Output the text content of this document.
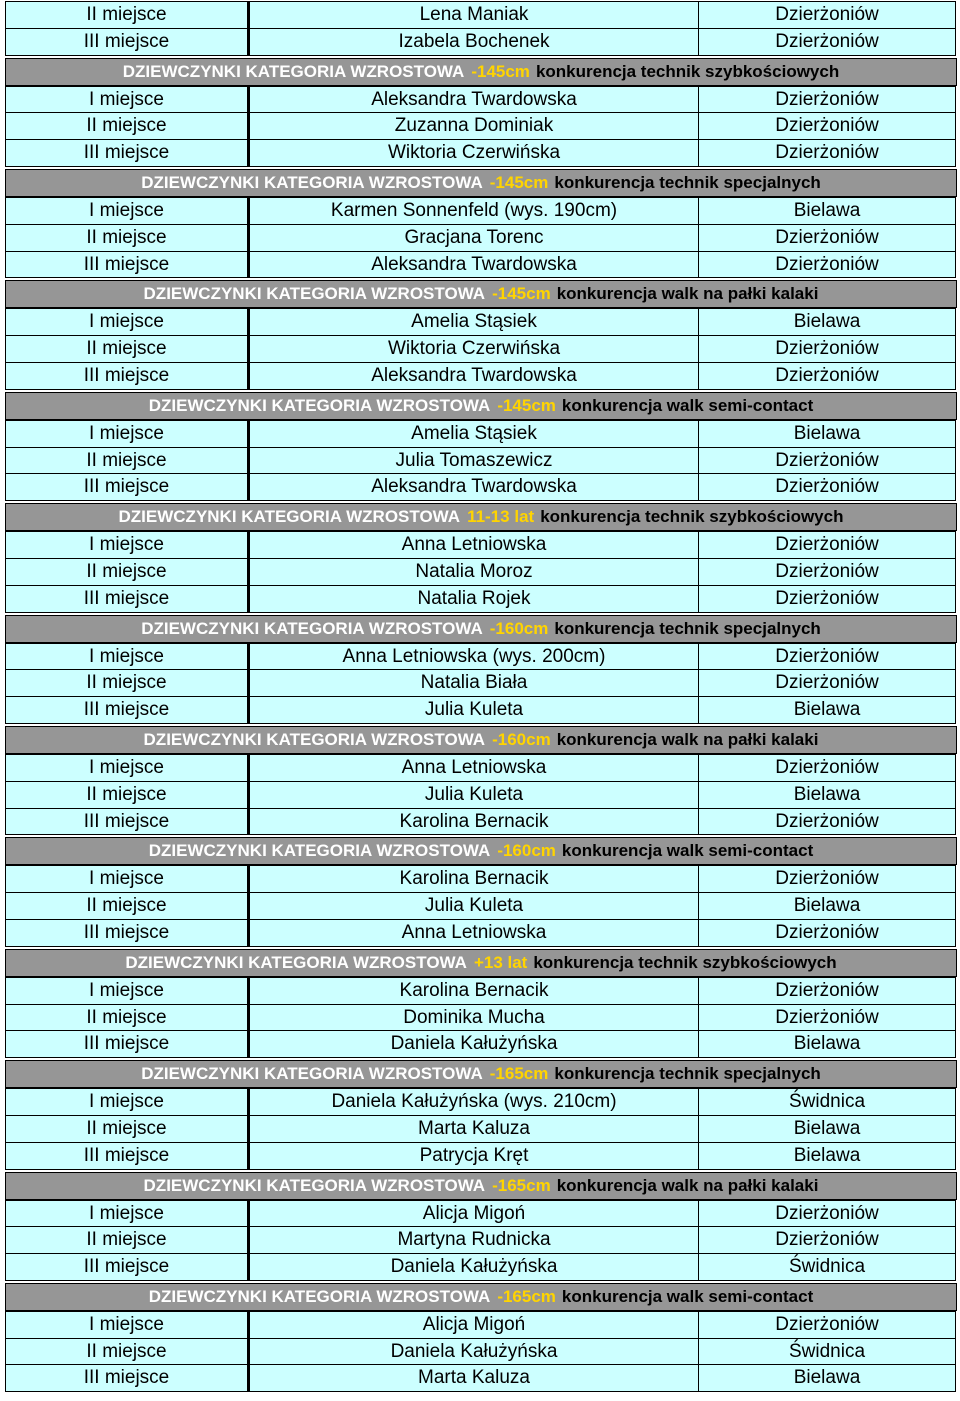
II miejsce	Lena Maniak	Dzierżoniów
III miejsce	Izabela Bochenek	Dzierżoniów
DZIEWCZYNKI KATEGORIA WZROSTOWA -145cm konkurencja technik szybkościowych
I miejsce	Aleksandra Twardowska	Dzierżoniów
II miejsce	Zuzanna Dominiak	Dzierżoniów
III miejsce	Wiktoria Czerwińska	Dzierżoniów
DZIEWCZYNKI KATEGORIA WZROSTOWA -145cm konkurencja technik specjalnych
I miejsce	Karmen Sonnenfeld (wys. 190cm)	Bielawa
II miejsce	Gracjana Torenc	Dzierżoniów
III miejsce	Aleksandra Twardowska	Dzierżoniów
DZIEWCZYNKI KATEGORIA WZROSTOWA -145cm konkurencja walk na pałki kalaki
I miejsce	Amelia Stąsiek	Bielawa
II miejsce	Wiktoria Czerwińska	Dzierżoniów
III miejsce	Aleksandra Twardowska	Dzierżoniów
DZIEWCZYNKI KATEGORIA WZROSTOWA -145cm konkurencja walk semi-contact
I miejsce	Amelia Stąsiek	Bielawa
II miejsce	Julia Tomaszewicz	Dzierżoniów
III miejsce	Aleksandra Twardowska	Dzierżoniów
DZIEWCZYNKI KATEGORIA WZROSTOWA 11-13 lat konkurencja technik szybkościowych
I miejsce	Anna Letniowska	Dzierżoniów
II miejsce	Natalia Moroz	Dzierżoniów
III miejsce	Natalia Rojek	Dzierżoniów
DZIEWCZYNKI KATEGORIA WZROSTOWA -160cm konkurencja technik specjalnych
I miejsce	Anna Letniowska (wys. 200cm)	Dzierżoniów
II miejsce	Natalia Biała	Dzierżoniów
III miejsce	Julia Kuleta	Bielawa
DZIEWCZYNKI KATEGORIA WZROSTOWA -160cm konkurencja walk na pałki kalaki
I miejsce	Anna Letniowska	Dzierżoniów
II miejsce	Julia Kuleta	Bielawa
III miejsce	Karolina Bernacik	Dzierżoniów
DZIEWCZYNKI KATEGORIA WZROSTOWA -160cm konkurencja walk semi-contact
I miejsce	Karolina Bernacik	Dzierżoniów
II miejsce	Julia Kuleta	Bielawa
III miejsce	Anna Letniowska	Dzierżoniów
DZIEWCZYNKI KATEGORIA WZROSTOWA +13 lat konkurencja technik szybkościowych
I miejsce	Karolina Bernacik	Dzierżoniów
II miejsce	Dominika Mucha	Dzierżoniów
III miejsce	Daniela Kałużyńska	Bielawa
DZIEWCZYNKI KATEGORIA WZROSTOWA -165cm konkurencja technik specjalnych
I miejsce	Daniela Kałużyńska (wys. 210cm)	Świdnica
II miejsce	Marta Kaluza	Bielawa
III miejsce	Patrycja Kręt	Bielawa
DZIEWCZYNKI KATEGORIA WZROSTOWA -165cm konkurencja walk na pałki kalaki
I miejsce	Alicja Migoń	Dzierżoniów
II miejsce	Martyna Rudnicka	Dzierżoniów
III miejsce	Daniela Kałużyńska	Świdnica
DZIEWCZYNKI KATEGORIA WZROSTOWA -165cm konkurencja walk semi-contact
I miejsce	Alicja Migoń	Dzierżoniów
II miejsce	Daniela Kałużyńska	Świdnica
III miejsce	Marta Kaluza	Bielawa
